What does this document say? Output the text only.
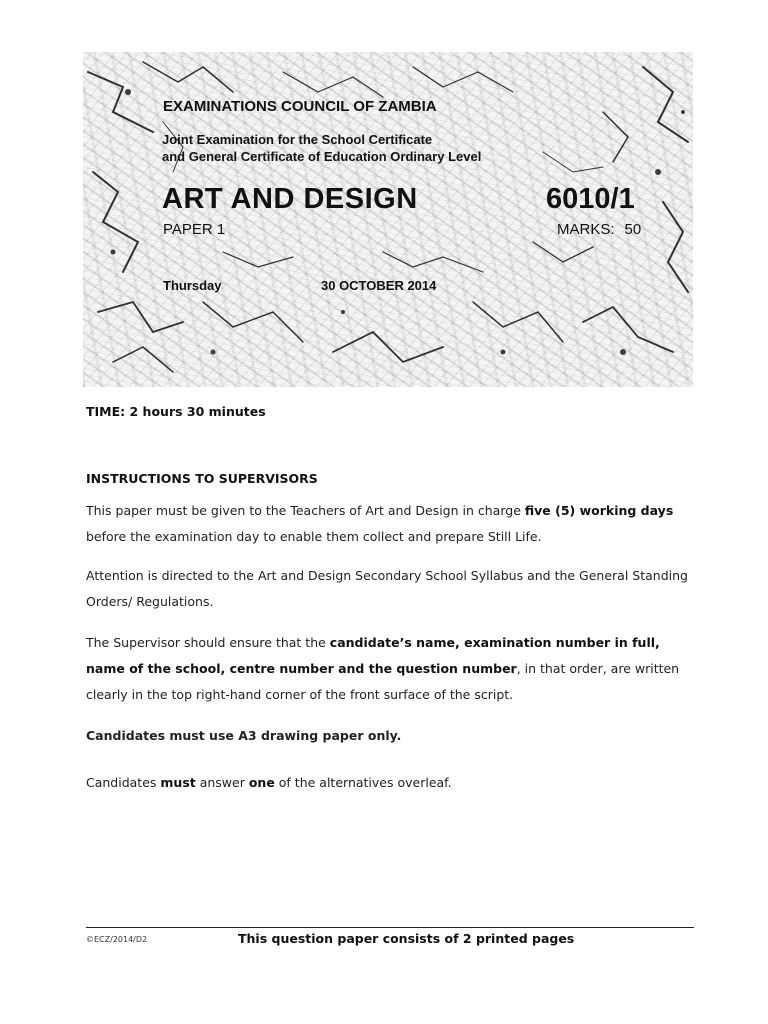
EXAMINATIONS COUNCIL OF ZAMBIA
Joint Examination for the School Certificate
and General Certificate of Education Ordinary Level
ART AND DESIGN	6010/1
PAPER 1	MARKS: 50
Thursday	30 OCTOBER 2014
TIME: 2 hours 30 minutes
INSTRUCTIONS TO SUPERVISORS
This paper must be given to the Teachers of Art and Design in charge five (5) working days before the examination day to enable them collect and prepare Still Life.
Attention is directed to the Art and Design Secondary School Syllabus and the General Standing Orders/ Regulations.
The Supervisor should ensure that the candidate’s name, examination number in full, name of the school, centre number and the question number, in that order, are written clearly in the top right-hand corner of the front surface of the script.
Candidates must use A3 drawing paper only.
Candidates must answer one of the alternatives overleaf.
©ECZ/2014/D2	This question paper consists of 2 printed pages
